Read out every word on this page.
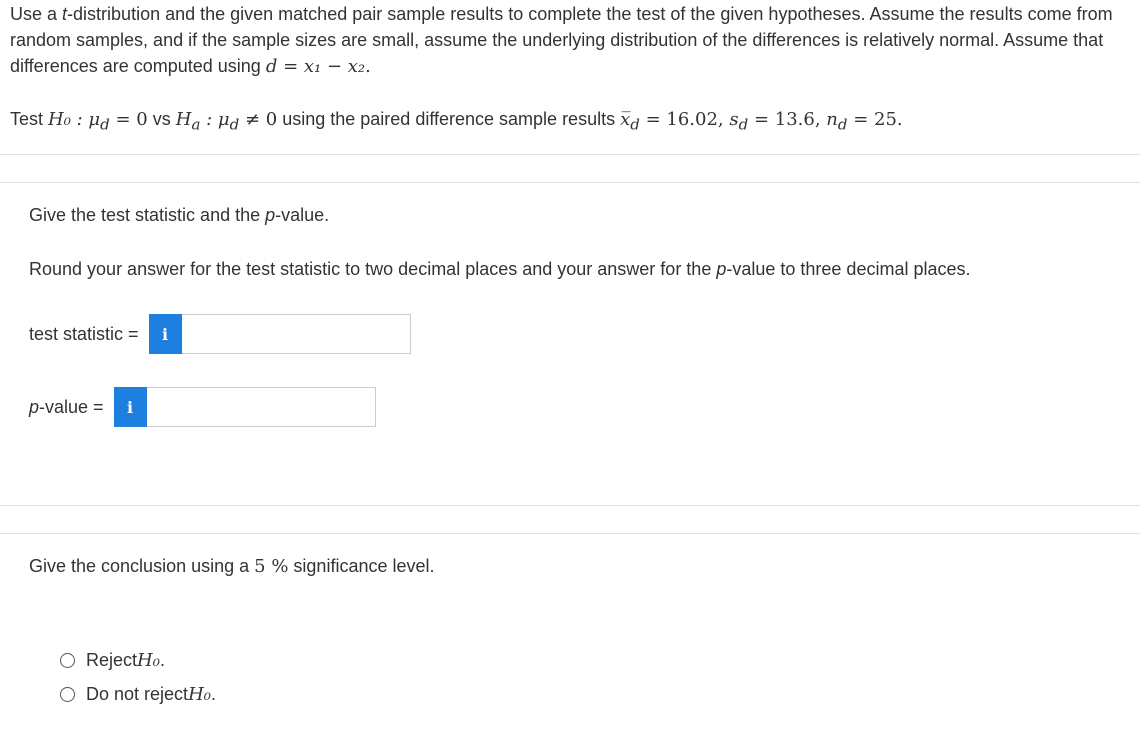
Use a t-distribution and the given matched pair sample results to complete the test of the given hypotheses. Assume the results come from random samples, and if the sample sizes are small, assume the underlying distribution of the differences is relatively normal. Assume that differences are computed using d = x₁ − x₂.

Test H₀ : $\mu_d = 0$ vs $H_a$ : $\mu_d \ne 0$ using the paired difference sample results $x̅_d = 16.02$, $s_d = 13.6$, $n_d = 25$.

Give the test statistic and the p-value.

Round your answer for the test statistic to two decimal places and your answer for the p-value to three decimal places.

test statistic =	i
p-value =	i

Give the conclusion using a 5 % significance level.

Reject H₀ .
Do not reject H₀ .
